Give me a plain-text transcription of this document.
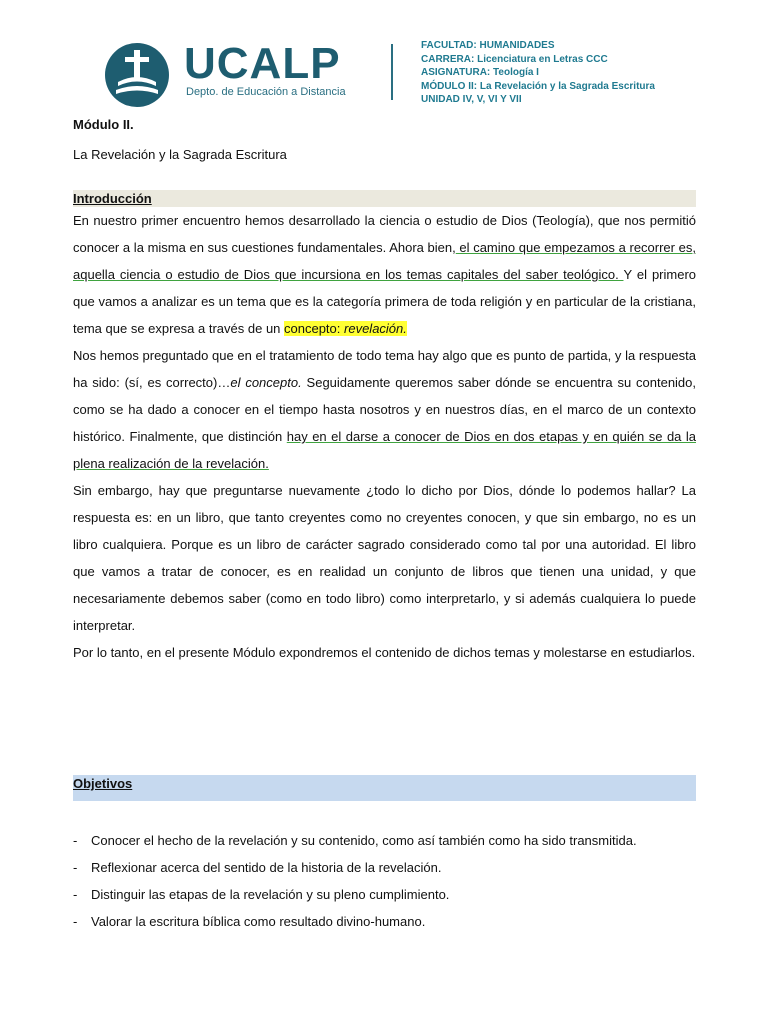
UCALP
Depto. de Educación a Distancia
FACULTAD: HUMANIDADES
CARRERA: Licenciatura en Letras CCC
ASIGNATURA: Teología I
MÓDULO II: La Revelación y la Sagrada Escritura
UNIDAD IV, V, VI Y VII

Módulo II.

La Revelación y la Sagrada Escritura

Introducción

En nuestro primer encuentro hemos desarrollado la ciencia o estudio de Dios (Teología), que nos permitió conocer a la misma en sus cuestiones fundamentales. Ahora bien, el camino que empezamos a recorrer es, aquella ciencia o estudio de Dios que incursiona en los temas capitales del saber teológico. Y el primero que vamos a analizar es un tema que es la categoría primera de toda religión y en particular de la cristiana, tema que se expresa a través de un concepto: revelación.

Nos hemos preguntado que en el tratamiento de todo tema hay algo que es punto de partida, y la respuesta ha sido: (sí, es correcto)…el concepto. Seguidamente queremos saber dónde se encuentra su contenido, como se ha dado a conocer en el tiempo hasta nosotros y en nuestros días, en el marco de un contexto histórico. Finalmente, que distinción hay en el darse a conocer de Dios en dos etapas y en quién se da la plena realización de la revelación.

Sin embargo, hay que preguntarse nuevamente ¿todo lo dicho por Dios, dónde lo podemos hallar? La respuesta es: en un libro, que tanto creyentes como no creyentes conocen, y que sin embargo, no es un libro cualquiera. Porque es un libro de carácter sagrado considerado como tal por una autoridad. El libro que vamos a tratar de conocer, es en realidad un conjunto de libros que tienen una unidad, y que necesariamente debemos saber (como en todo libro) como interpretarlo, y si además cualquiera lo puede interpretar.

Por lo tanto, en el presente Módulo expondremos el contenido de dichos temas y molestarse en estudiarlos.

Objetivos
- Conocer el hecho de la revelación y su contenido, como así también como ha sido transmitida.
- Reflexionar acerca del sentido de la historia de la revelación.
- Distinguir las etapas de la revelación y su pleno cumplimiento.
- Valorar la escritura bíblica como resultado divino-humano.
